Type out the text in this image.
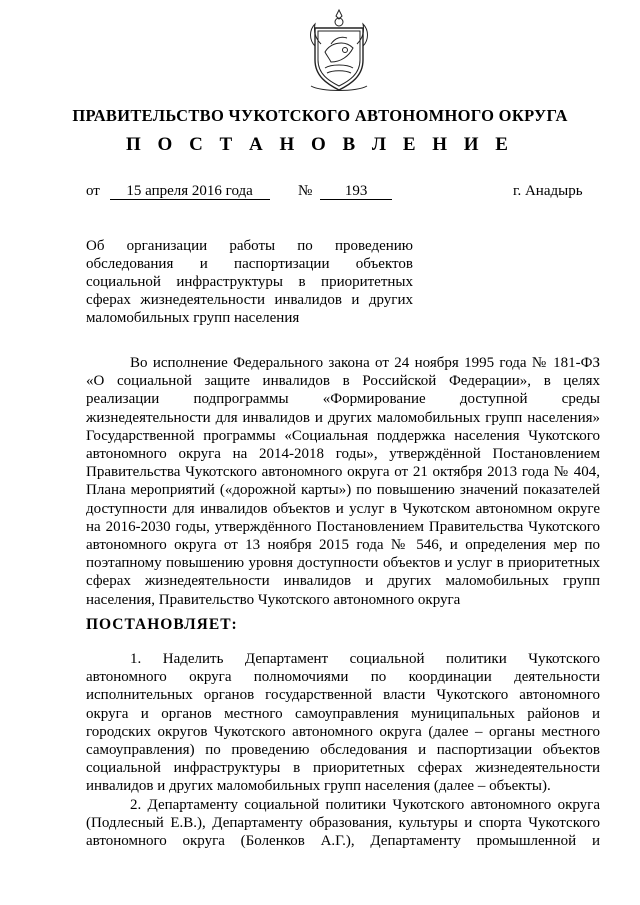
ПРАВИТЕЛЬСТВО ЧУКОТСКОГО АВТОНОМНОГО ОКРУГА
П О С Т А Н О В Л Е Н И Е
от 15 апреля 2016 года	№ 193	г. Анадырь
Об организации работы по проведению
обследования и паспортизации объектов
социальной инфраструктуры в приоритетных
сферах жизнедеятельности инвалидов и других
маломобильных групп населения
Во исполнение Федерального закона от 24 ноября 1995 года № 181-ФЗ
«О социальной защите инвалидов в Российской Федерации», в целях
реализации подпрограммы «Формирование доступной среды
жизнедеятельности для инвалидов и других маломобильных групп населения»
Государственной программы «Социальная поддержка населения Чукотского
автономного округа на 2014-2018 годы», утверждённой Постановлением
Правительства Чукотского автономного округа от 21 октября 2013 года № 404,
Плана мероприятий («дорожной карты») по повышению значений показателей
доступности для инвалидов объектов и услуг в Чукотском автономном округе
на 2016-2030 годы, утверждённого Постановлением Правительства Чукотского
автономного округа от 13 ноября 2015 года № 546, и определения мер по
поэтапному повышению уровня доступности объектов и услуг в приоритетных
сферах жизнедеятельности инвалидов и других маломобильных групп
населения, Правительство Чукотского автономного округа
ПОСТАНОВЛЯЕТ:
1. Наделить Департамент социальной политики Чукотского
автономного округа полномочиями по координации деятельности
исполнительных органов государственной власти Чукотского автономного
округа и органов местного самоуправления муниципальных районов и
городских округов Чукотского автономного округа (далее – органы местного
самоуправления) по проведению обследования и паспортизации объектов
социальной инфраструктуры в приоритетных сферах жизнедеятельности
инвалидов и других маломобильных групп населения (далее – объекты).
2. Департаменту социальной политики Чукотского автономного округа
(Подлесный Е.В.), Департаменту образования, культуры и спорта Чукотского
автономного округа (Боленков А.Г.), Департаменту промышленной и
